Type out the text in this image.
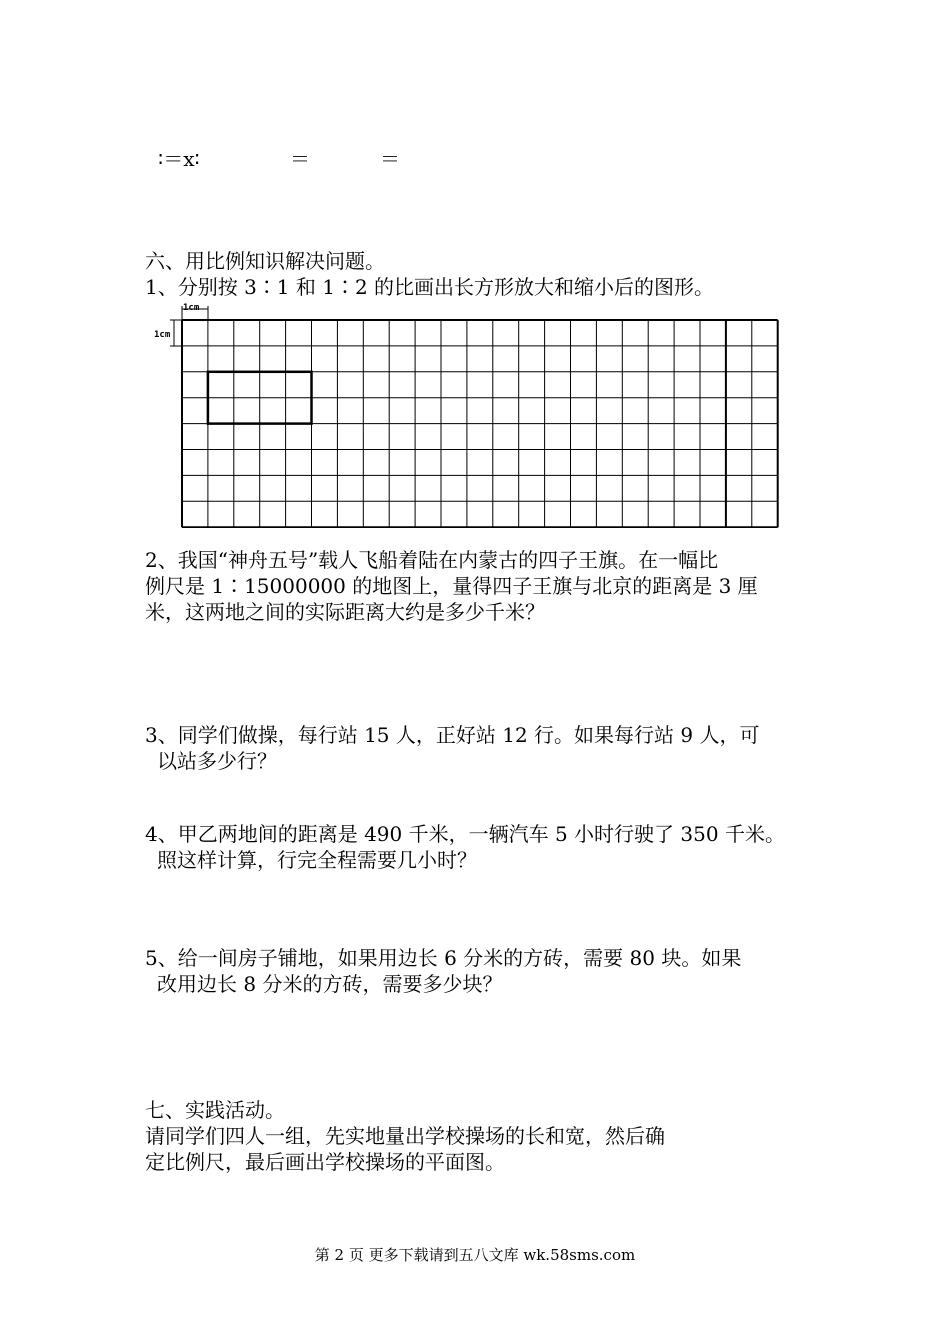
∶＝x∶	＝	＝
六、用比例知识解决问题。
1、分别按 3∶1 和 1∶2 的比画出长方形放大和缩小后的图形。
1cm
1cm
2、我国“神舟五号”载人飞船着陆在内蒙古的四子王旗。在一幅比
例尺是 1∶15000000 的地图上，量得四子王旗与北京的距离是 3 厘
米，这两地之间的实际距离大约是多少千米？
3、同学们做操，每行站 15 人，正好站 12 行。如果每行站 9 人，可
以站多少行？
4、甲乙两地间的距离是 490 千米，一辆汽车 5 小时行驶了 350 千米。
照这样计算，行完全程需要几小时？
5、给一间房子铺地，如果用边长 6 分米的方砖，需要 80 块。如果
改用边长 8 分米的方砖，需要多少块？
七、实践活动。
请同学们四人一组，先实地量出学校操场的长和宽，然后确
定比例尺，最后画出学校操场的平面图。
第 2 页 更多下载请到五八文库 wk.58sms.com
